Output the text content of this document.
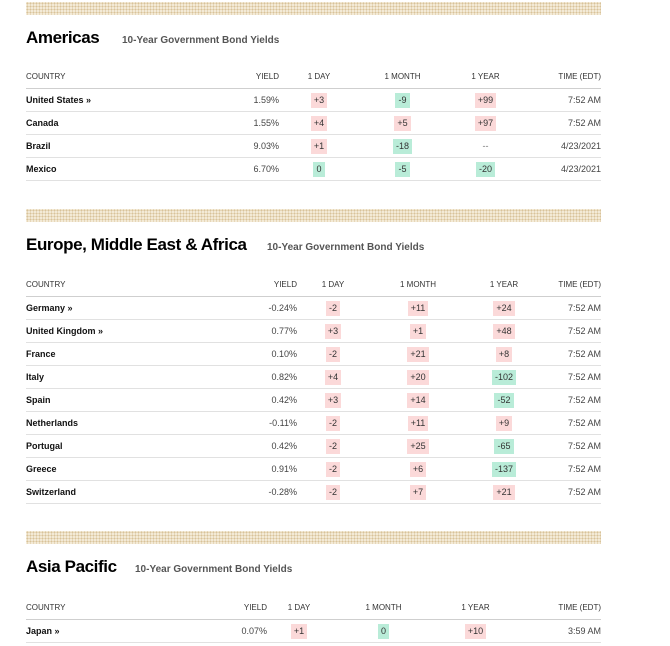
Americas 10-Year Government Bond Yields
COUNTRY	YIELD	1 DAY	1 MONTH	1 YEAR	TIME (EDT)
United States »	1.59%	+3	-9	+99	7:52 AM
Canada	1.55%	+4	+5	+97	7:52 AM
Brazil	9.03%	+1	-18	--	4/23/2021
Mexico	6.70%	0	-5	-20	4/23/2021
Europe, Middle East & Africa 10-Year Government Bond Yields
COUNTRY	YIELD	1 DAY	1 MONTH	1 YEAR	TIME (EDT)
Germany »	-0.24%	-2	+11	+24	7:52 AM
United Kingdom »	0.77%	+3	+1	+48	7:52 AM
France	0.10%	-2	+21	+8	7:52 AM
Italy	0.82%	+4	+20	-102	7:52 AM
Spain	0.42%	+3	+14	-52	7:52 AM
Netherlands	-0.11%	-2	+11	+9	7:52 AM
Portugal	0.42%	-2	+25	-65	7:52 AM
Greece	0.91%	-2	+6	-137	7:52 AM
Switzerland	-0.28%	-2	+7	+21	7:52 AM
Asia Pacific 10-Year Government Bond Yields
COUNTRY	YIELD	1 DAY	1 MONTH	1 YEAR	TIME (EDT)
Japan »	0.07%	+1	0	+10	3:59 AM
